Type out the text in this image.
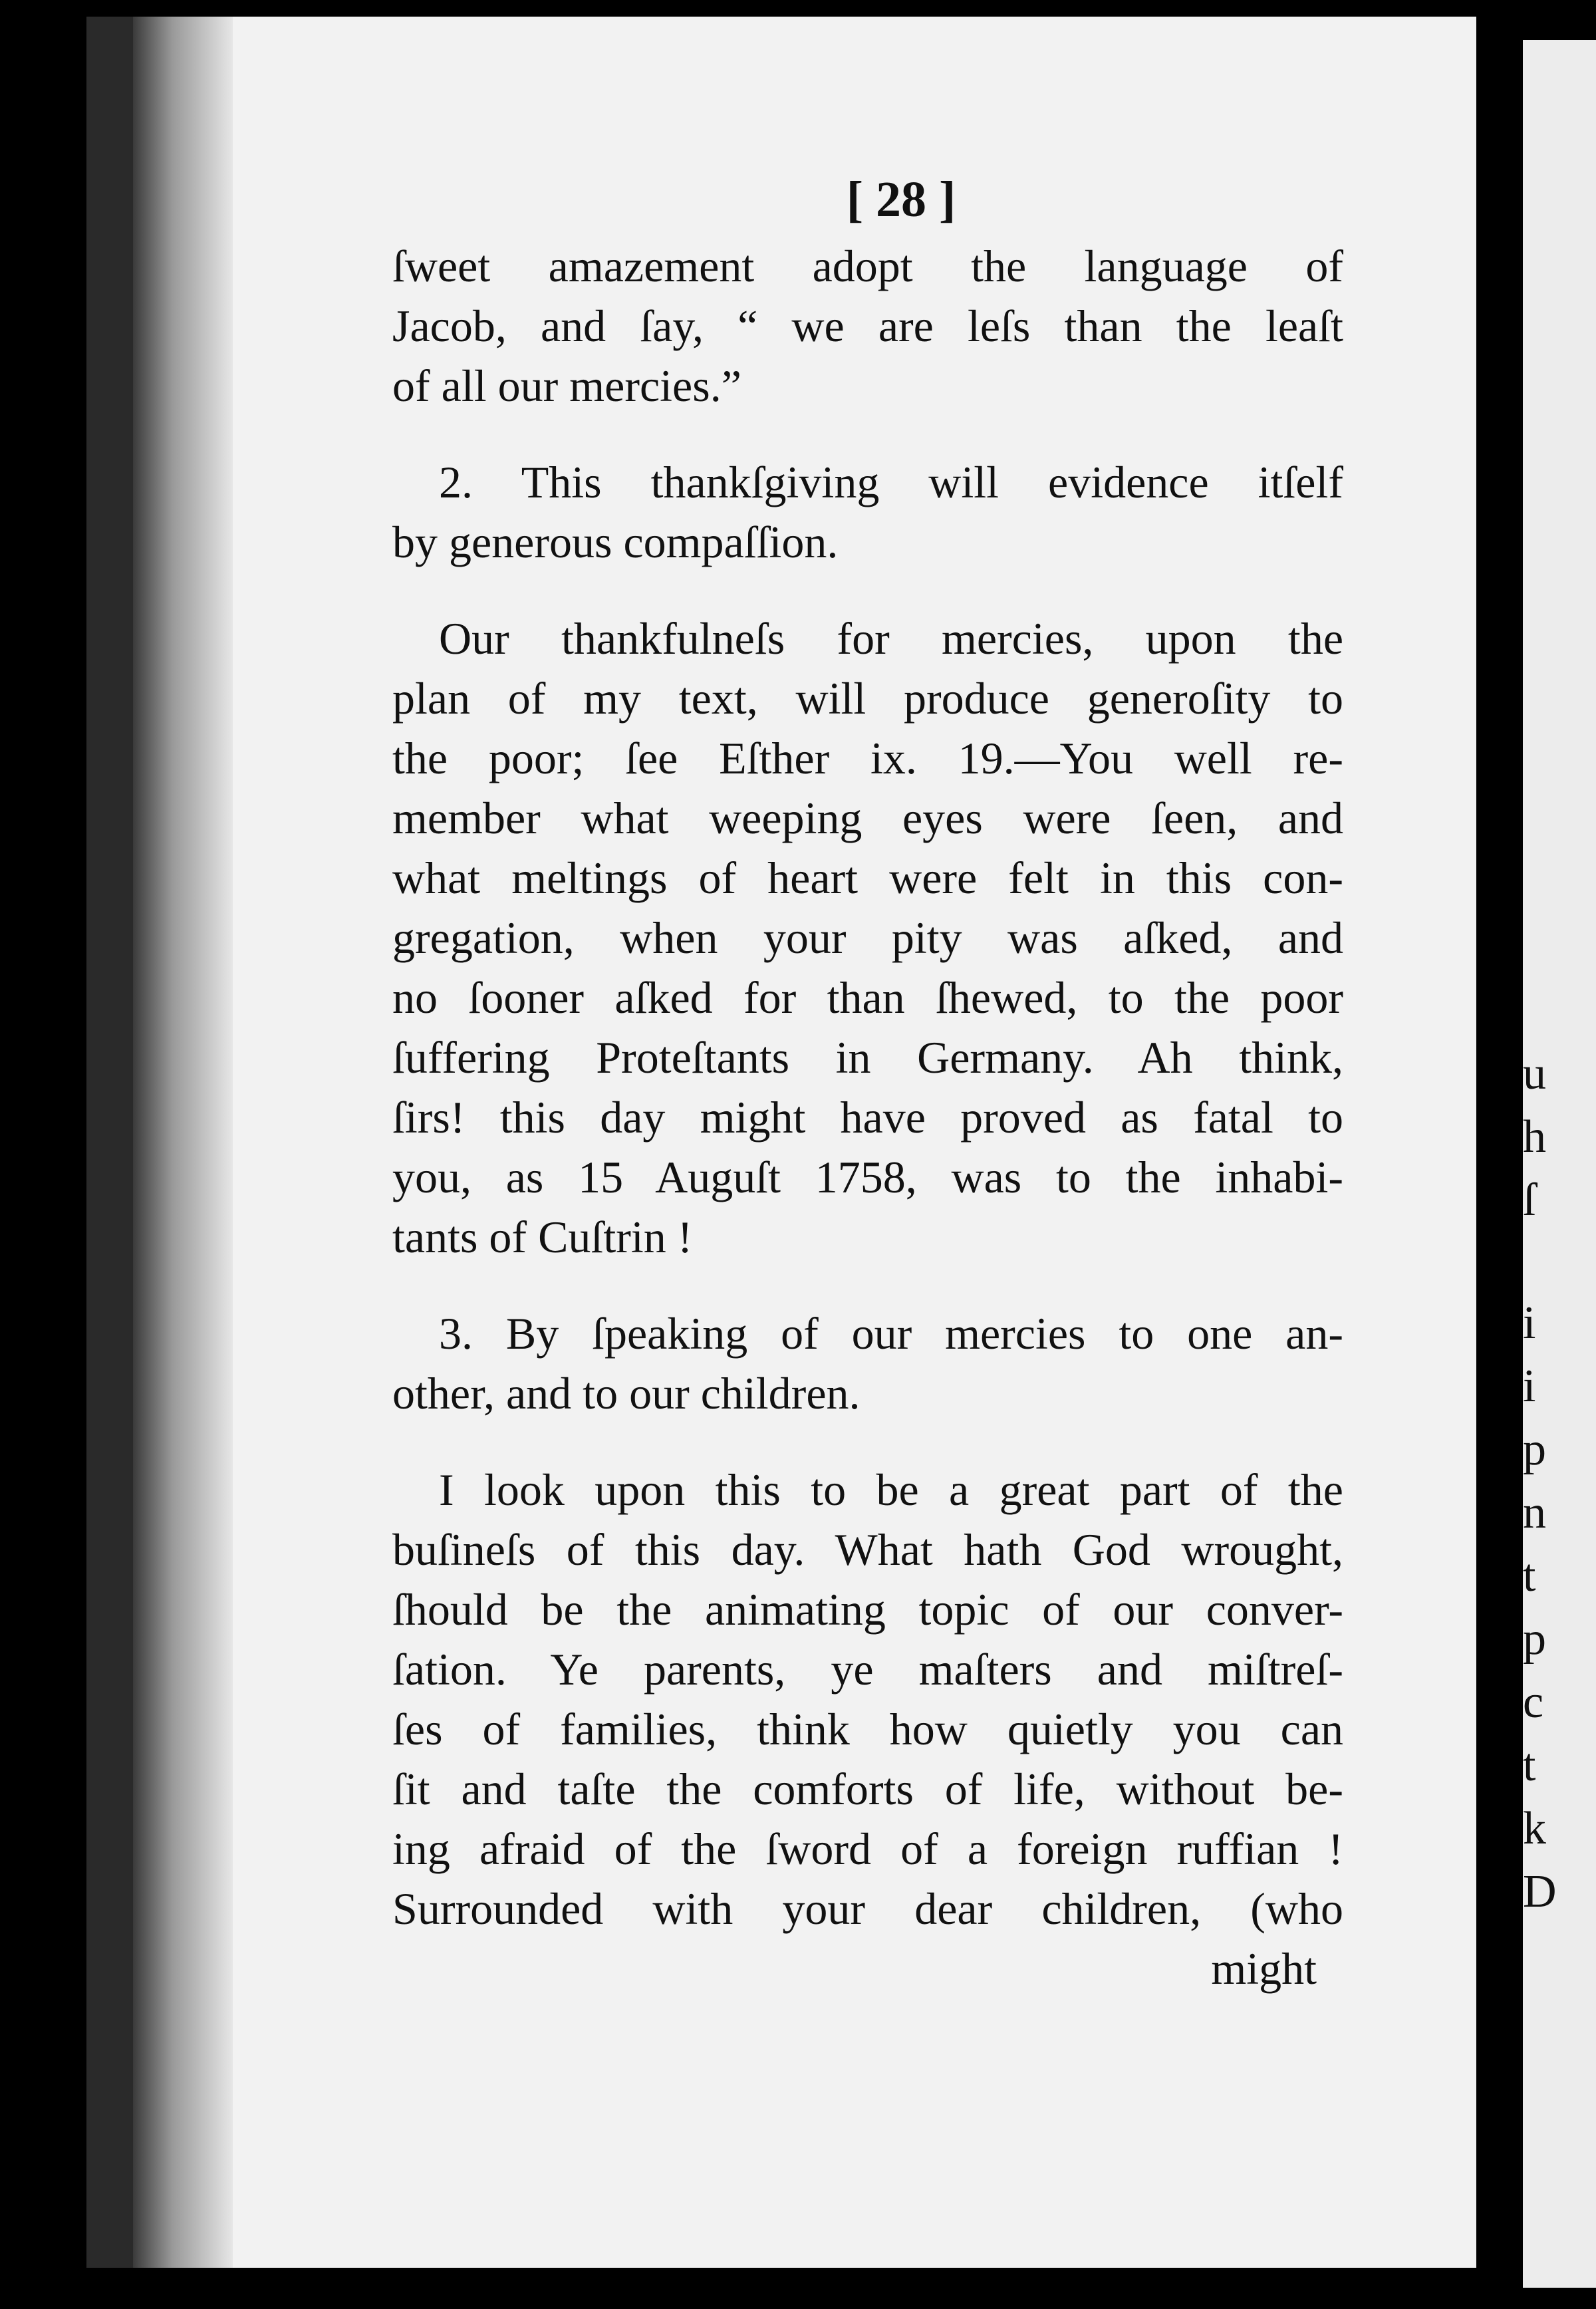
u
h
ſ
i
i
p
n
t
p
c
t
k
D
[ 28 ]

ſweet amazement adopt the language of
Jacob, and ſay, “ we are leſs than the leaſt
of all our mercies.”

2. This thankſgiving will evidence itſelf
by generous compaſſion.

Our thankfulneſs for mercies, upon the
plan of my text, will produce generoſity to
the poor; ſee Eſther ix. 19.—You well re-
member what weeping eyes were ſeen, and
what meltings of heart were felt in this con-
gregation, when your pity was aſked, and
no ſooner aſked for than ſhewed, to the poor
ſuffering Proteſtants in Germany. Ah think,
ſirs! this day might have proved as fatal to
you, as 15 Auguſt 1758, was to the inhabi-
tants of Cuſtrin !

3. By ſpeaking of our mercies to one an-
other, and to our children.

I look upon this to be a great part of the
buſineſs of this day. What hath God wrought,
ſhould be the animating topic of our conver-
ſation. Ye parents, ye maſters and miſtreſ-
ſes of families, think how quietly you can
ſit and taſte the comforts of life, without be-
ing afraid of the ſword of a foreign ruffian !
Surrounded with your dear children, (who

might
